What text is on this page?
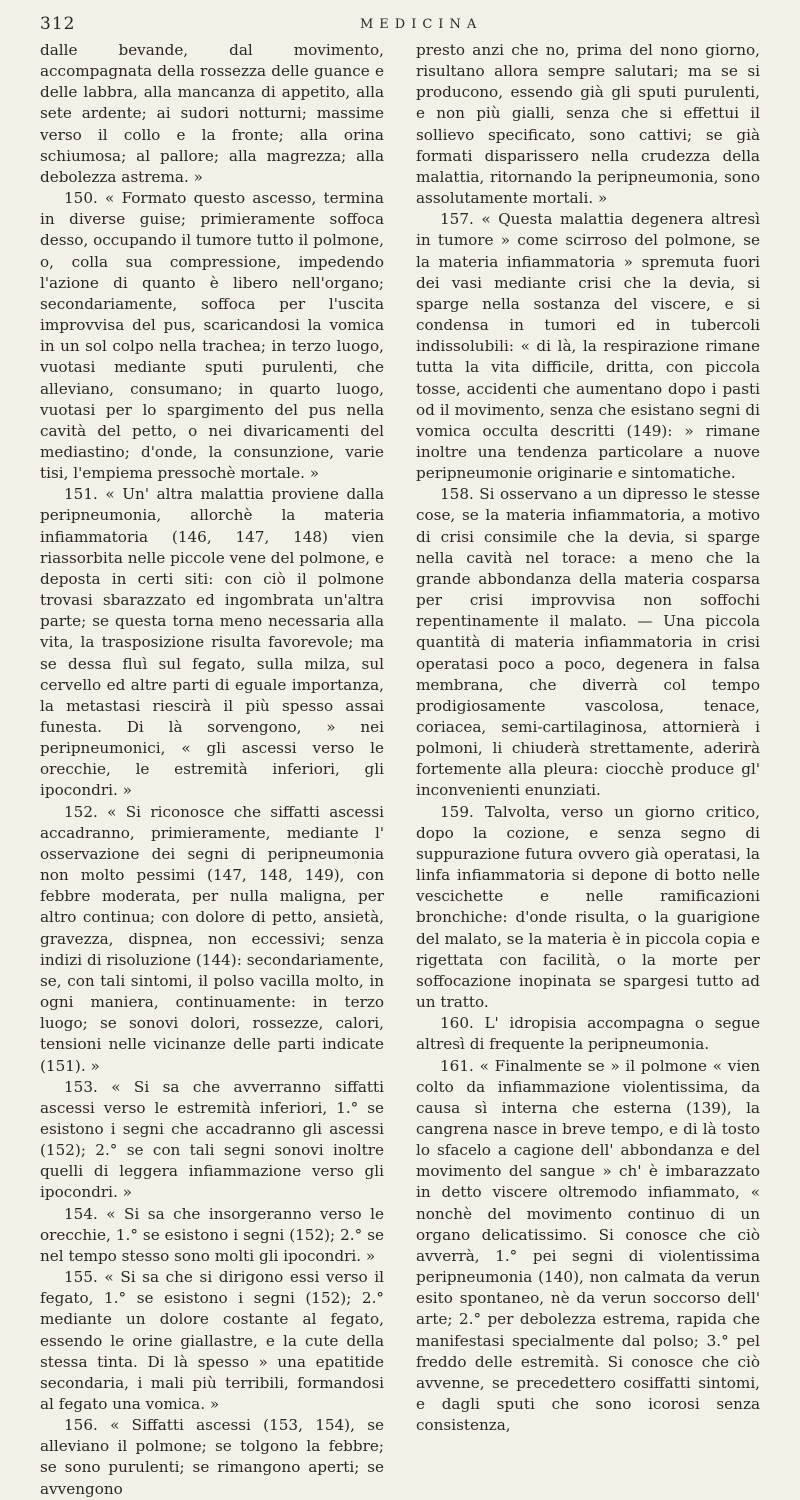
312	MEDICINA

dalle bevande, dal movimento, accompagnata della rossezza delle guance e delle labbra, alla mancanza di appetito, alla sete ardente; ai sudori notturni; massime verso il collo e la fronte; alla orina schiumosa; al pallore; alla magrezza; alla debolezza astrema. »

150. « Formato questo ascesso, termina in diverse guise; primieramente soffoca desso, occupando il tumore tutto il polmone, o, colla sua compressione, impedendo l'azione di quanto è libero nell'organo; secondariamente, soffoca per l'uscita improvvisa del pus, scaricandosi la vomica in un sol colpo nella trachea; in terzo luogo, vuotasi mediante sputi purulenti, che alleviano, consumano; in quarto luogo, vuotasi per lo spargimento del pus nella cavità del petto, o nei divaricamenti del mediastino; d'onde, la consunzione, varie tisi, l'empiema pressochè mortale. »

151. « Un' altra malattia proviene dalla peripneumonia, allorchè la materia infiammatoria (146, 147, 148) vien riassorbita nelle piccole vene del polmone, e deposta in certi siti: con ciò il polmone trovasi sbarazzato ed ingombrata un'altra parte; se questa torna meno necessaria alla vita, la trasposizione risulta favorevole; ma se dessa fluì sul fegato, sulla milza, sul cervello ed altre parti di eguale importanza, la metastasi riescirà il più spesso assai funesta. Di là sorvengono, » nei peripneumonici, « gli ascessi verso le orecchie, le estremità inferiori, gli ipocondri. »

152. « Si riconosce che siffatti ascessi accadranno, primieramente, mediante l' osservazione dei segni di peripneumonia non molto pessimi (147, 148, 149), con febbre moderata, per nulla maligna, per altro continua; con dolore di petto, ansietà, gravezza, dispnea, non eccessivi; senza indizi di risoluzione (144): secondariamente, se, con tali sintomi, il polso vacilla molto, in ogni maniera, continuamente: in terzo luogo; se sonovi dolori, rossezze, calori, tensioni nelle vicinanze delle parti indicate (151). »

153. « Si sa che avverranno siffatti ascessi verso le estremità inferiori, 1.° se esistono i segni che accadranno gli ascessi (152); 2.° se con tali segni sonovi inoltre quelli di leggera infiammazione verso gli ipocondri. »

154. « Si sa che insorgeranno verso le orecchie, 1.° se esistono i segni (152); 2.° se nel tempo stesso sono molti gli ipocondri. »

155. « Si sa che si dirigono essi verso il fegato, 1.° se esistono i segni (152); 2.° mediante un dolore costante al fegato, essendo le orine giallastre, e la cute della stessa tinta. Di là spesso » una epatitide secondaria, i mali più terribili, formandosi al fegato una vomica. »

156. « Siffatti ascessi (153, 154), se alleviano il polmone; se tolgono la febbre; se sono purulenti; se rimangono aperti; se avvengono

presto anzi che no, prima del nono giorno, risultano allora sempre salutari; ma se si producono, essendo già gli sputi purulenti, e non più gialli, senza che si effettui il sollievo specificato, sono cattivi; se già formati disparissero nella crudezza della malattia, ritornando la peripneumonia, sono assolutamente mortali. »

157. « Questa malattia degenera altresì in tumore » come scirroso del polmone, se la materia infiammatoria » spremuta fuori dei vasi mediante crisi che la devia, si sparge nella sostanza del viscere, e si condensa in tumori ed in tubercoli indissolubili: « di là, la respirazione rimane tutta la vita difficile, dritta, con piccola tosse, accidenti che aumentano dopo i pasti od il movimento, senza che esistano segni di vomica occulta descritti (149): » rimane inoltre una tendenza particolare a nuove peripneumonie originarie e sintomatiche.

158. Si osservano a un dipresso le stesse cose, se la materia infiammatoria, a motivo di crisi consimile che la devia, si sparge nella cavità nel torace: a meno che la grande abbondanza della materia cosparsa per crisi improvvisa non soffochi repentinamente il malato. — Una piccola quantità di materia infiammatoria in crisi operatasi poco a poco, degenera in falsa membrana, che diverrà col tempo prodigiosamente vascolosa, tenace, coriacea, semi-cartilaginosa, attornierà i polmoni, li chiuderà strettamente, aderirà fortemente alla pleura: ciocchè produce gl' inconvenienti enunziati.

159. Talvolta, verso un giorno critico, dopo la cozione, e senza segno di suppurazione futura ovvero già operatasi, la linfa infiammatoria si depone di botto nelle vescichette e nelle ramificazioni bronchiche: d'onde risulta, o la guarigione del malato, se la materia è in piccola copia e rigettata con facilità, o la morte per soffocazione inopinata se spargesi tutto ad un tratto.

160. L' idropisia accompagna o segue altresì di frequente la peripneumonia.

161. « Finalmente se » il polmone « vien colto da infiammazione violentissima, da causa sì interna che esterna (139), la cangrena nasce in breve tempo, e di là tosto lo sfacelo a cagione dell' abbondanza e del movimento del sangue » ch' è imbarazzato in detto viscere oltremodo infiammato, « nonchè del movimento continuo di un organo delicatissimo. Si conosce che ciò avverrà, 1.° pei segni di violentissima peripneumonia (140), non calmata da verun esito spontaneo, nè da verun soccorso dell' arte; 2.° per debolezza estrema, rapida che manifestasi specialmente dal polso; 3.° pel freddo delle estremità. Si conosce che ciò avvenne, se precedettero cosiffatti sintomi, e dagli sputi che sono icorosi senza consistenza,
